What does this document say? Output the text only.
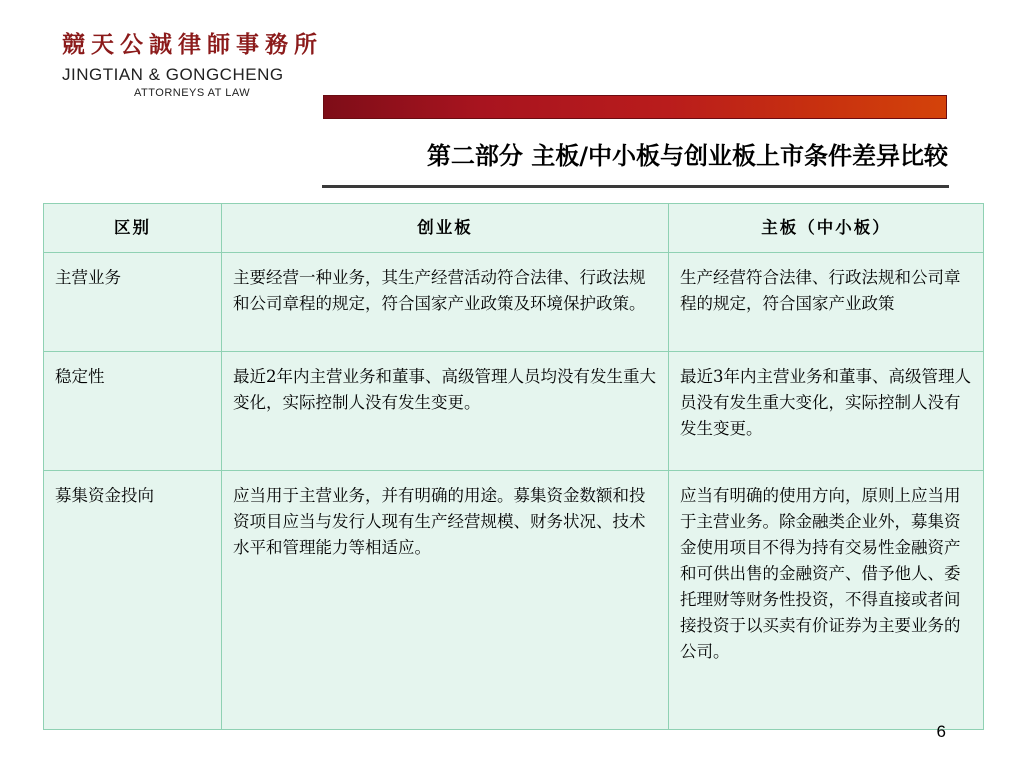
競天公誠律師事務所
JINGTIAN & GONGCHENG
ATTORNEYS AT LAW
第二部分 主板/中小板与创业板上市条件差异比较
区别	创业板	主板（中小板）
主营业务	主要经营一种业务，其生产经营活动符合法律、行政法规和公司章程的规定，符合国家产业政策及环境保护政策。	生产经营符合法律、行政法规和公司章程的规定，符合国家产业政策
稳定性	最近2年内主营业务和董事、高级管理人员均没有发生重大变化，实际控制人没有发生变更。	最近3年内主营业务和董事、高级管理人员没有发生重大变化，实际控制人没有发生变更。
募集资金投向	应当用于主营业务，并有明确的用途。募集资金数额和投资项目应当与发行人现有生产经营规模、财务状况、技术水平和管理能力等相适应。	应当有明确的使用方向，原则上应当用于主营业务。除金融类企业外，募集资金使用项目不得为持有交易性金融资产和可供出售的金融资产、借予他人、委托理财等财务性投资，不得直接或者间接投资于以买卖有价证券为主要业务的公司。
6
